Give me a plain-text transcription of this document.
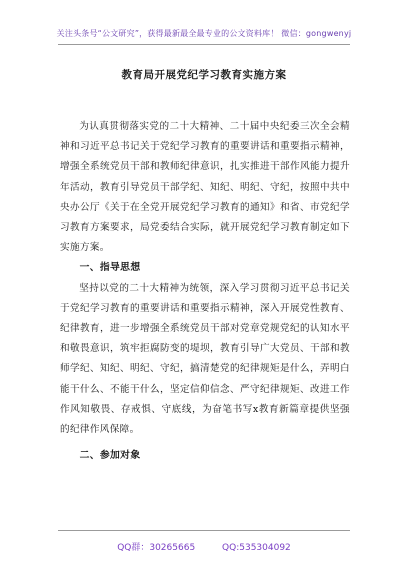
关注头条号“公文研究”，获得最新最全最专业的公文资料库！ 微信：gongwenyj
教育局开展党纪学习教育实施方案

为认真贯彻落实党的二十大精神、二十届中央纪委三次全会精神和习近平总书记关于党纪学习教育的重要讲话和重要指示精神，增强全系统党员干部和教师纪律意识，扎实推进干部作风能力提升年活动，教育引导党员干部学纪、知纪、明纪、守纪，按照中共中央办公厅《关于在全党开展党纪学习教育的通知》和省、市党纪学习教育方案要求，局党委结合实际，就开展党纪学习教育制定如下实施方案。

一、指导思想

坚持以党的二十大精神为统领，深入学习贯彻习近平总书记关于党纪学习教育的重要讲话和重要指示精神，深入开展党性教育、纪律教育，进一步增强全系统党员干部对党章党规党纪的认知水平和敬畏意识，筑牢拒腐防变的堤坝，教育引导广大党员、干部和教师学纪、知纪、明纪、守纪，搞清楚党的纪律规矩是什么，弄明白能干什么、不能干什么，坚定信仰信念、严守纪律规矩、改进工作作风知敬畏、存戒惧、守底线，为奋笔书写x教育新篇章提供坚强的纪律作风保障。

二、参加对象

QQ群：30265665	QQ:535304092
